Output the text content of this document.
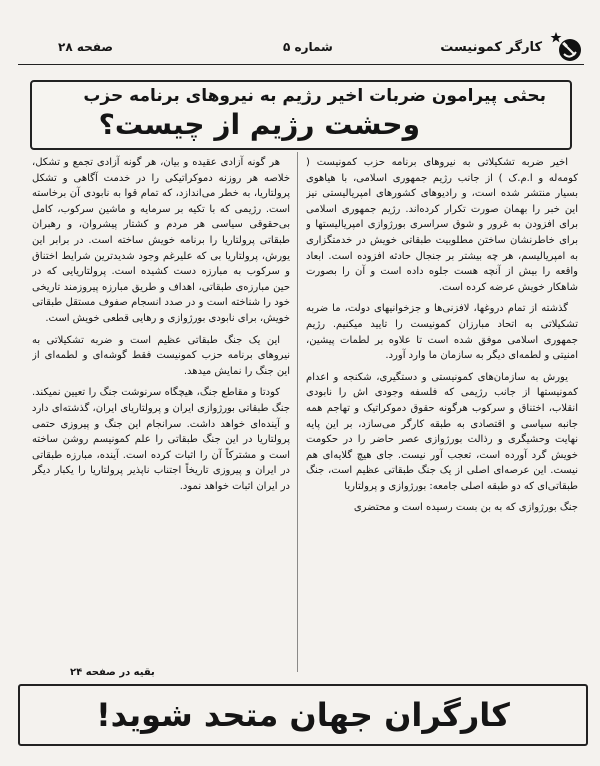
کارگر کمونیست
شماره ۵
صفحه ۲۸
بحثی پیرامون ضربات اخیر رژیم به نیروهای برنامه حزب
وحشت رژیم از چیست؟

اخیر ضربه تشکیلاتی به نیروهای برنامه حزب کمونیست ( کومه‌له و ا.م.ک ) از جانب رژیم جمهوری اسلامی، با هیاهوی بسیار منتشر شده است، و رادیوهای کشورهای امپریالیستی نیز این خبر را بهمان صورت تکرار کرده‌اند. رژیم جمهوری اسلامی برای افزودن به غرور و شوق سراسری بورژوازی امپریالیستها و برای خاطرنشان ساختن مطلوبیت طبقاتی خویش در خدمتگزاری به امپریالیسم، هر چه بیشتر بر جنجال حادثه افزوده است. ابعاد واقعه را بیش از آنچه هست جلوه داده است و آن را بصورت شاهکار خویش عرضه کرده است.

گذشته از تمام دروغها، لافزنی‌ها و جزخوانیهای دولت، ما ضربه تشکیلاتی به اتحاد مبارزان کمونیست را تایید میکنیم. رژیم جمهوری اسلامی موفق شده است تا علاوه بر لطمات پیشین، امنیتی و لطمه‌ای دیگر به سازمان ما وارد آورد.

یورش به سازمان‌های کمونیستی و دستگیری، شکنجه و اعدام کمونیستها از جانب رژیمی که فلسفه وجودی اش را نابودی انقلاب، اختناق و سرکوب هرگونه حقوق دموکراتیک و تهاجم همه جانبه سیاسی و اقتصادی به طبقه کارگر می‌سازد، بر این پایه نهایت وحشیگری و رذالت بورژوازی عصر حاضر را در حکومت خویش گرد آورده است، تعجب آور نیست. جای هیچ گلایه‌ای هم نیست. این عرصه‌ای اصلی از یک جنگ طبقاتی عظیم است، جنگ طبقاتی‌ای که دو طبقه اصلی جامعه: بورژوازی و پرولتاریا

جنگ بورژوازی که به بن بست رسیده است و محتضری

هر گونه آزادی عقیده و بیان، هر گونه آزادی تجمع و تشکل، خلاصه هر روزنه دموکراتیکی را در خدمت آگاهی و تشکل پرولتاریا، به خطر می‌اندازد، که تمام قوا به نابودی آن برخاسته است. رژیمی که با تکیه بر سرمایه و ماشین سرکوب، کامل بی‌حقوقی سیاسی هر مردم و کشتار پیشروان، و رهبران طبقاتی پرولتاریا را برنامه خویش ساخته است. در برابر این یورش، پرولتاریا بی که علیرغم وجود شدیدترین شرایط اختناق و سرکوب به مبارزه دست کشیده است. پرولتاریایی که در حین مبارزه‌ی طبقاتی، اهداف و طریق مبارزه پیروزمند تاریخی خود را شناخته است و در صدد انسجام صفوف مستقل طبقاتی خویش، برای نابودی بورژوازی و رهایی قطعی خویش است.

این یک جنگ طبقاتی عظیم است و ضربه تشکیلاتی به نیروهای برنامه حزب کمونیست فقط گوشه‌ای و لطمه‌ای از این جنگ را نمایش میدهد.

کودتا و مقاطع جنگ، هیچگاه سرنوشت جنگ را تعیین نمیکند. جنگ طبقاتی بورژوازی ایران و پرولتاریای ایران، گذشته‌ای دارد و آینده‌ای خواهد داشت. سرانجام این جنگ و پیروزی حتمی پرولتاریا در این جنگ طبقاتی را علم کمونیسم روشن ساخته است و مشترکاً آن را اثبات کرده است. آینده، مبارزه طبقاتی در ایران و پیروزی تاریخاً اجتناب ناپذیر پرولتاریا را یکبار دیگر در ایران اثبات خواهد نمود.

بقیه در صفحه ۲۴
کارگران جهان متحد شوید!
